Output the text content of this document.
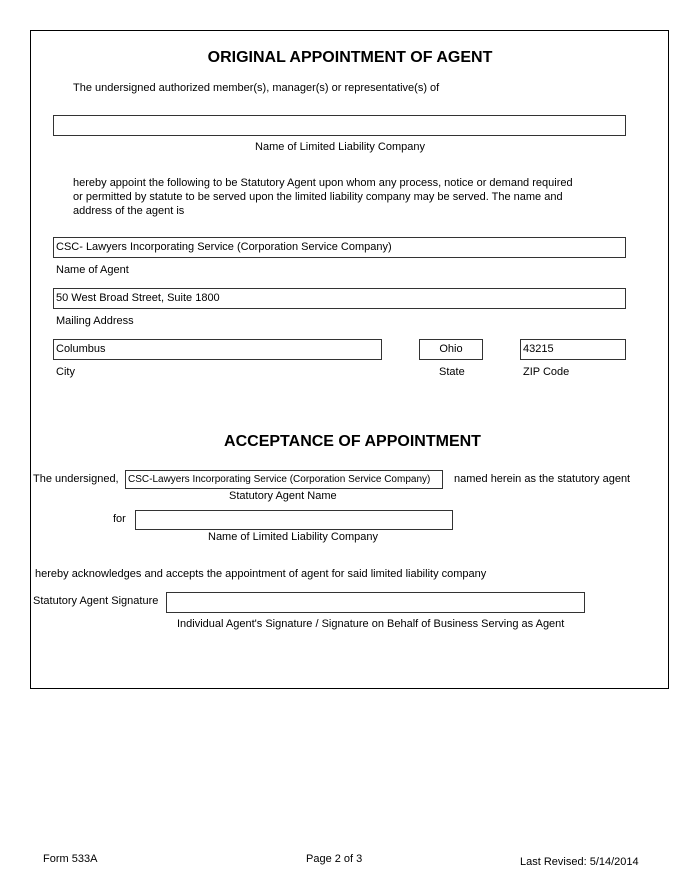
ORIGINAL APPOINTMENT OF AGENT
The undersigned authorized member(s), manager(s) or representative(s) of
Name of Limited Liability Company
hereby appoint the following to be Statutory Agent upon whom any process, notice or demand required
or permitted by statute to be served upon the limited liability company may be served. The name and
address of the agent is
CSC- Lawyers Incorporating Service (Corporation Service Company)
Name of Agent
50 West Broad Street, Suite 1800
Mailing Address
Columbus
City
Ohio
State
43215
ZIP Code
ACCEPTANCE OF APPOINTMENT
The undersigned, CSC-Lawyers Incorporating Service (Corporation Service Company)	named herein as the statutory agent
Statutory Agent Name
for
Name of Limited Liability Company
hereby acknowledges and accepts the appointment of agent for said limited liability company
Statutory Agent Signature
Individual Agent's Signature / Signature on Behalf of Business Serving as Agent
Form 533A	Page 2 of 3	Last Revised: 5/14/2014
